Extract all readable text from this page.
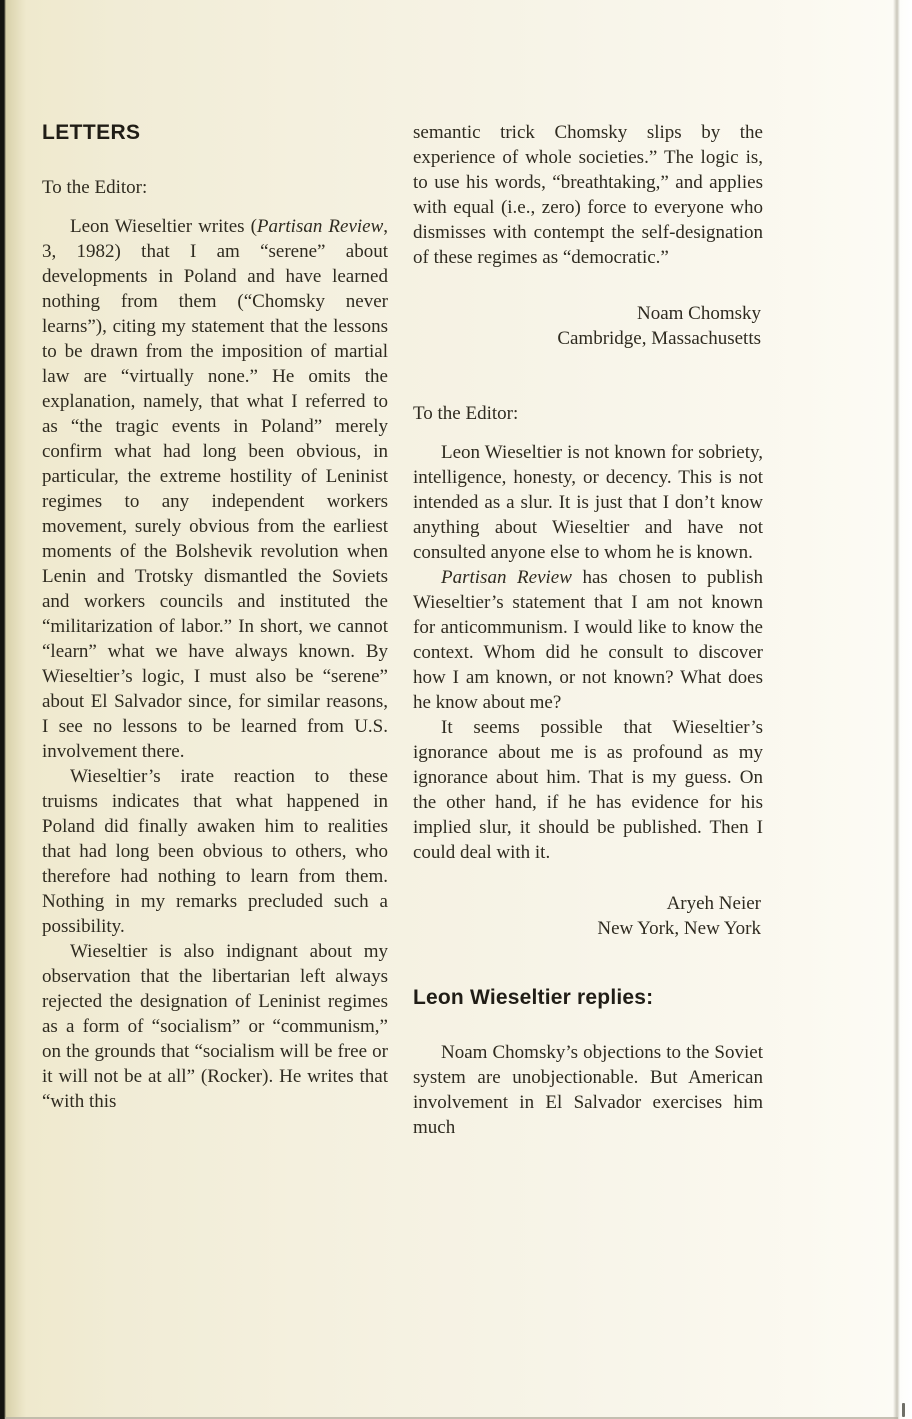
LETTERS

To the Editor:

Leon Wieseltier writes (Partisan Review, 3, 1982) that I am “serene” about developments in Poland and have learned nothing from them (“Chomsky never learns”), citing my statement that the lessons to be drawn from the imposition of martial law are “virtually none.” He omits the explanation, namely, that what I referred to as “the tragic events in Poland” merely confirm what had long been obvious, in particular, the extreme hostility of Leninist regimes to any independent workers movement, surely obvious from the earliest moments of the Bolshevik revolution when Lenin and Trotsky dismantled the Soviets and workers councils and instituted the “militarization of labor.” In short, we cannot “learn” what we have always known. By Wieseltier’s logic, I must also be “serene” about El Salvador since, for similar reasons, I see no lessons to be learned from U.S. involvement there.

Wieseltier’s irate reaction to these truisms indicates that what happened in Poland did finally awaken him to realities that had long been obvious to others, who therefore had nothing to learn from them. Nothing in my remarks precluded such a possibility.

Wieseltier is also indignant about my observation that the libertarian left always rejected the designation of Leninist regimes as a form of “socialism” or “communism,” on the grounds that “socialism will be free or it will not be at all” (Rocker). He writes that “with this

semantic trick Chomsky slips by the experience of whole societies.” The logic is, to use his words, “breathtaking,” and applies with equal (i.e., zero) force to everyone who dismisses with contempt the self-designation of these regimes as “democratic.”

Noam Chomsky
Cambridge, Massachusetts

To the Editor:

Leon Wieseltier is not known for sobriety, intelligence, honesty, or decency. This is not intended as a slur. It is just that I don’t know anything about Wieseltier and have not consulted anyone else to whom he is known.

Partisan Review has chosen to publish Wieseltier’s statement that I am not known for anticommunism. I would like to know the context. Whom did he consult to discover how I am known, or not known? What does he know about me?

It seems possible that Wieseltier’s ignorance about me is as profound as my ignorance about him. That is my guess. On the other hand, if he has evidence for his implied slur, it should be published. Then I could deal with it.

Aryeh Neier
New York, New York
Leon Wieseltier replies:

Noam Chomsky’s objections to the Soviet system are unobjectionable. But American involvement in El Salvador exercises him much
